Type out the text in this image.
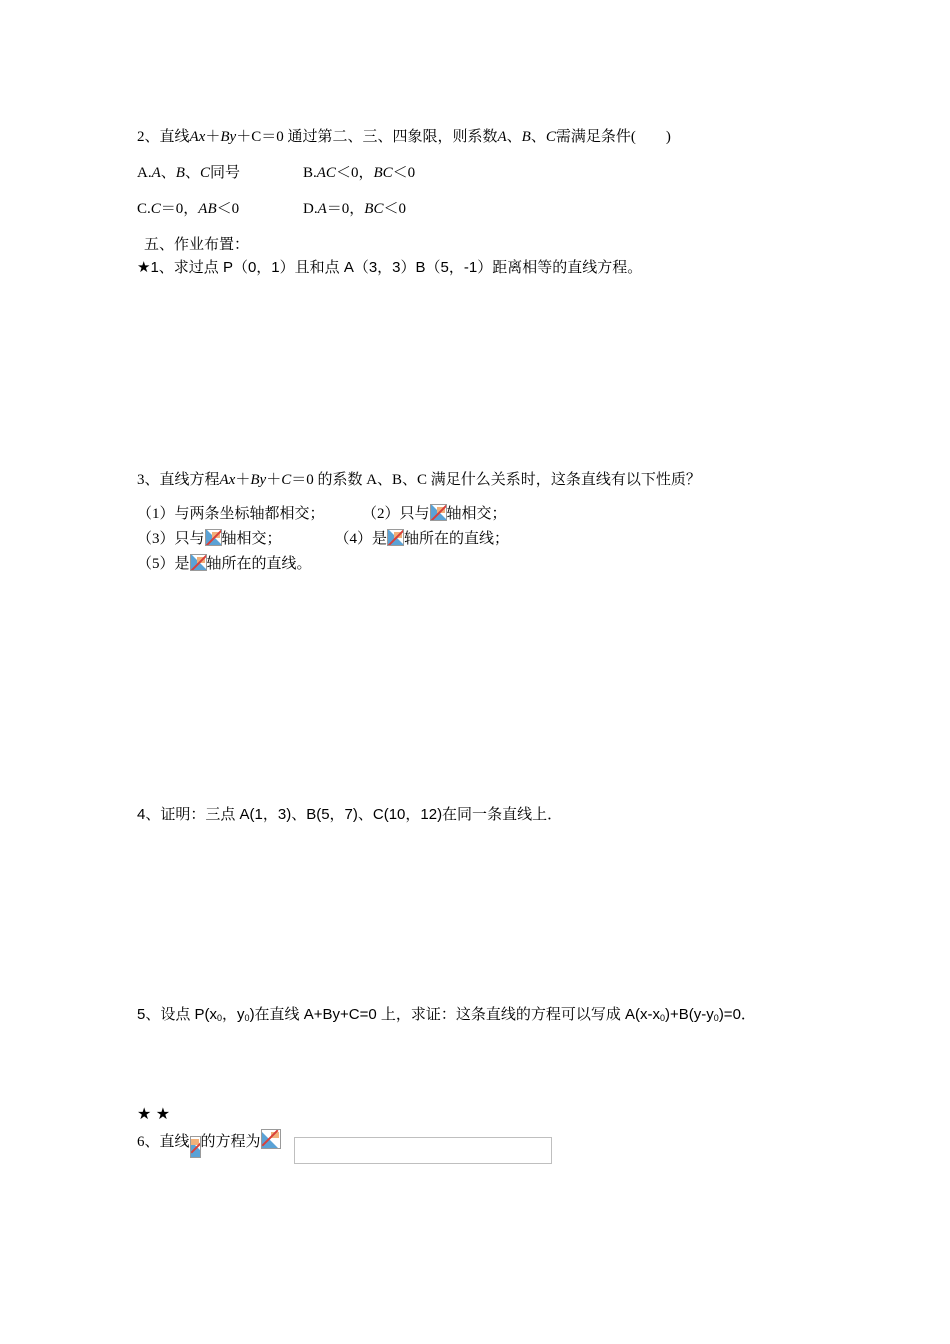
2、直线Ax＋By＋C＝0 通过第二、三、四象限，则系数A、B、C需满足条件(　　)
A.A、B、C同号	B.AC＜0，BC＜0
C.C＝0，AB＜0	D.A＝0，BC＜0
五、作业布置：
★1、求过点 P（0，1）且和点 A（3，3）B（5，-1）距离相等的直线方程。
3、直线方程Ax＋By＋C＝0 的系数 A、B、C 满足什么关系时，这条直线有以下性质？
（1）与两条坐标轴都相交； （2）只与 轴相交；
（3）只与 轴相交；	（4）是 轴所在的直线；
（5）是 轴所在的直线。
4、证明：三点 A(1，3)、B(5，7)、C(10，12)在同一条直线上．
5、设点 $P(x_0$，$y_0$)在直线 A+By+C=0 上，求证：这条直线的方程可以写成 $A(x-x_0)+B(y-y_0)=0$．
★ ★
6、直线 的方程为
